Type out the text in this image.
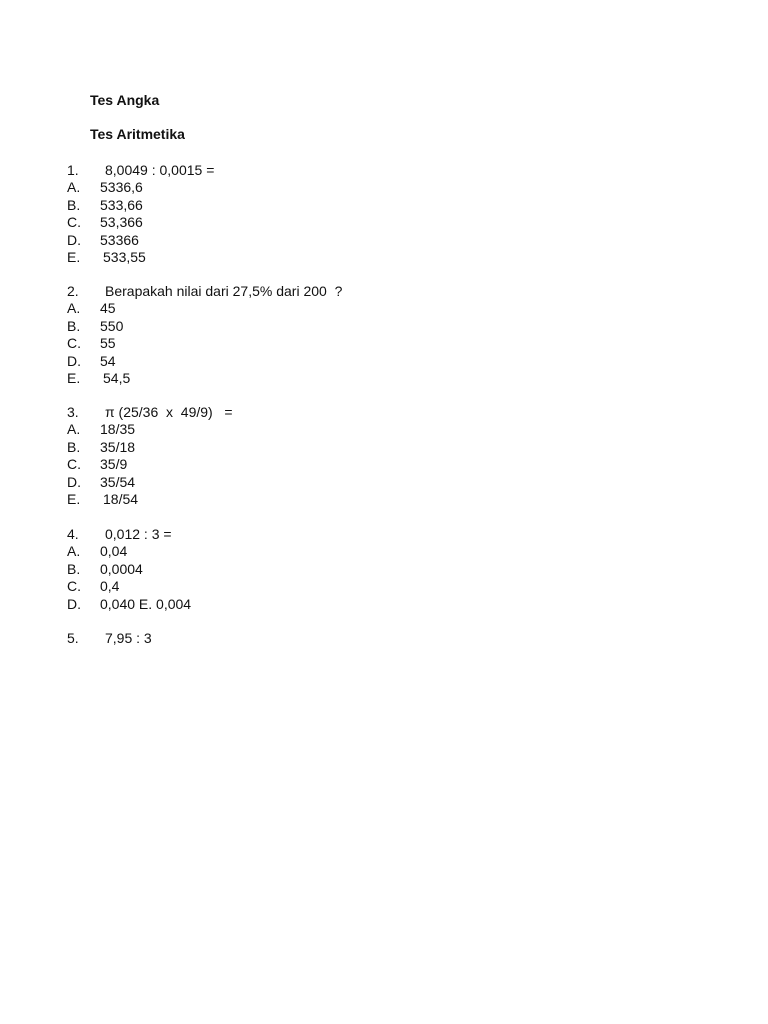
Tes Angka
Tes Aritmetika
1.	8,0049 : 0,0015 =
A.	5336,6
B.	533,66
C.	53,366
D.	53366
E.	533,55
2.	Berapakah nilai dari 27,5% dari 200  ?
A.	45
B.	550
C.	55
D.	54
E.	54,5
3.	π (25/36  x  49/9)   =
A.	18/35
B.	35/18
C.	35/9
D.	35/54
E.	18/54
4.	0,012 : 3 =
A.	0,04
B.	0,0004
C.	0,4
D.	0,040 E. 0,004
5.	7,95 : 3
